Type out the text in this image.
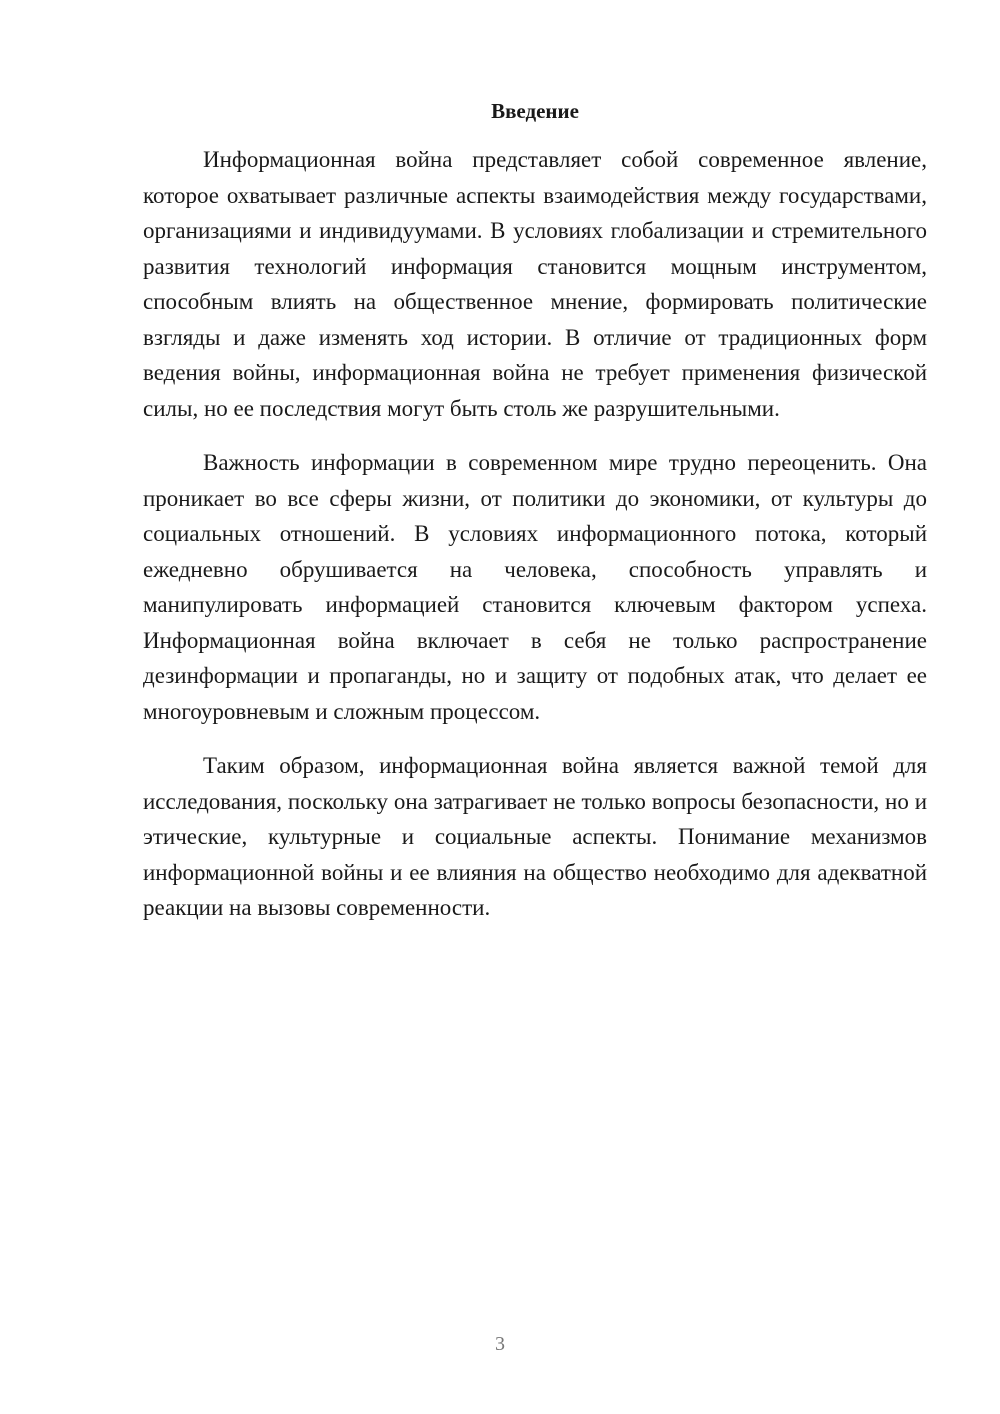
Введение

Информационная война представляет собой современное явление, которое охватывает различные аспекты взаимодействия между государствами, организациями и индивидуумами. В условиях глобализации и стремительного развития технологий информация становится мощным инструментом, способным влиять на общественное мнение, формировать политические взгляды и даже изменять ход истории. В отличие от традиционных форм ведения войны, информационная война не требует применения физической силы, но ее последствия могут быть столь же разрушительными.

Важность информации в современном мире трудно переоценить. Она проникает во все сферы жизни, от политики до экономики, от культуры до социальных отношений. В условиях информационного потока, который ежедневно обрушивается на человека, способность управлять и манипулировать информацией становится ключевым фактором успеха. Информационная война включает в себя не только распространение дезинформации и пропаганды, но и защиту от подобных атак, что делает ее многоуровневым и сложным процессом.

Таким образом, информационная война является важной темой для исследования, поскольку она затрагивает не только вопросы безопасности, но и этические, культурные и социальные аспекты. Понимание механизмов информационной войны и ее влияния на общество необходимо для адекватной реакции на вызовы современности.

3
